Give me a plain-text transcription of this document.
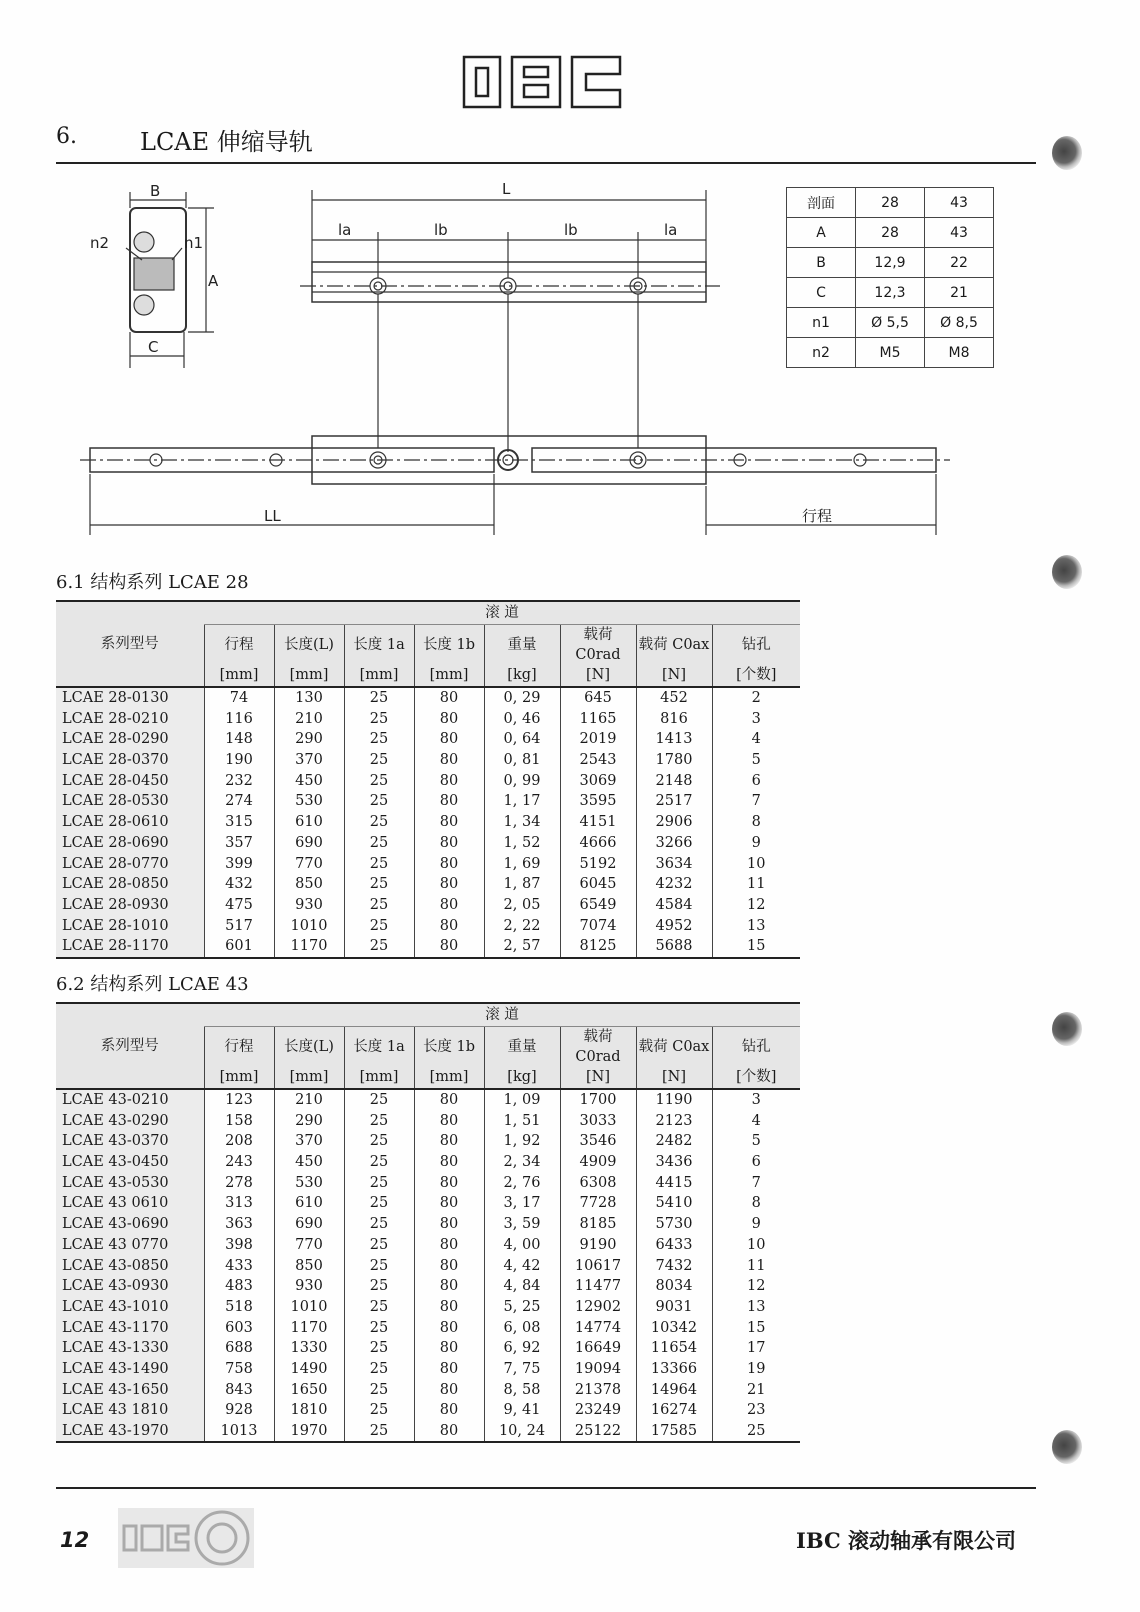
6.	LCAE 伸缩导轨
B
n2	n1
A
C
L
la	lb	lb	la
LL	行程
剖面	28	43
A	28	43
B	12,9	22
C	12,3	21
n1	Ø 5,5	Ø 8,5
n2	M5	M8
6.1 结构系列 LCAE 28
系列型号	滚 道							
	行程	长度(L)	长度 1a	长度 1b	重量	载荷 C0rad	载荷 C0ax	钻孔
	[mm]	[mm]	[mm]	[mm]	[kg]	[N]	[N]	[个数]
LCAE 28-0130	74	130	25	80	0, 29	645	452	2
LCAE 28-0210	116	210	25	80	0, 46	1165	816	3
LCAE 28-0290	148	290	25	80	0, 64	2019	1413	4
LCAE 28-0370	190	370	25	80	0, 81	2543	1780	5
LCAE 28-0450	232	450	25	80	0, 99	3069	2148	6
LCAE 28-0530	274	530	25	80	1, 17	3595	2517	7
LCAE 28-0610	315	610	25	80	1, 34	4151	2906	8
LCAE 28-0690	357	690	25	80	1, 52	4666	3266	9
LCAE 28-0770	399	770	25	80	1, 69	5192	3634	10
LCAE 28-0850	432	850	25	80	1, 87	6045	4232	11
LCAE 28-0930	475	930	25	80	2, 05	6549	4584	12
LCAE 28-1010	517	1010	25	80	2, 22	7074	4952	13
LCAE 28-1170	601	1170	25	80	2, 57	8125	5688	15
6.2 结构系列 LCAE 43
系列型号	滚 道							
	行程	长度(L)	长度 1a	长度 1b	重量	载荷 C0rad	载荷 C0ax	钻孔
	[mm]	[mm]	[mm]	[mm]	[kg]	[N]	[N]	[个数]
LCAE 43-0210	123	210	25	80	1, 09	1700	1190	3
LCAE 43-0290	158	290	25	80	1, 51	3033	2123	4
LCAE 43-0370	208	370	25	80	1, 92	3546	2482	5
LCAE 43-0450	243	450	25	80	2, 34	4909	3436	6
LCAE 43-0530	278	530	25	80	2, 76	6308	4415	7
LCAE 43 0610	313	610	25	80	3, 17	7728	5410	8
LCAE 43-0690	363	690	25	80	3, 59	8185	5730	9
LCAE 43 0770	398	770	25	80	4, 00	9190	6433	10
LCAE 43-0850	433	850	25	80	4, 42	10617	7432	11
LCAE 43-0930	483	930	25	80	4, 84	11477	8034	12
LCAE 43-1010	518	1010	25	80	5, 25	12902	9031	13
LCAE 43-1170	603	1170	25	80	6, 08	14774	10342	15
LCAE 43-1330	688	1330	25	80	6, 92	16649	11654	17
LCAE 43-1490	758	1490	25	80	7, 75	19094	13366	19
LCAE 43-1650	843	1650	25	80	8, 58	21378	14964	21
LCAE 43 1810	928	1810	25	80	9, 41	23249	16274	23
LCAE 43-1970	1013	1970	25	80	10, 24	25122	17585	25
12	IBC 滚动轴承有限公司
